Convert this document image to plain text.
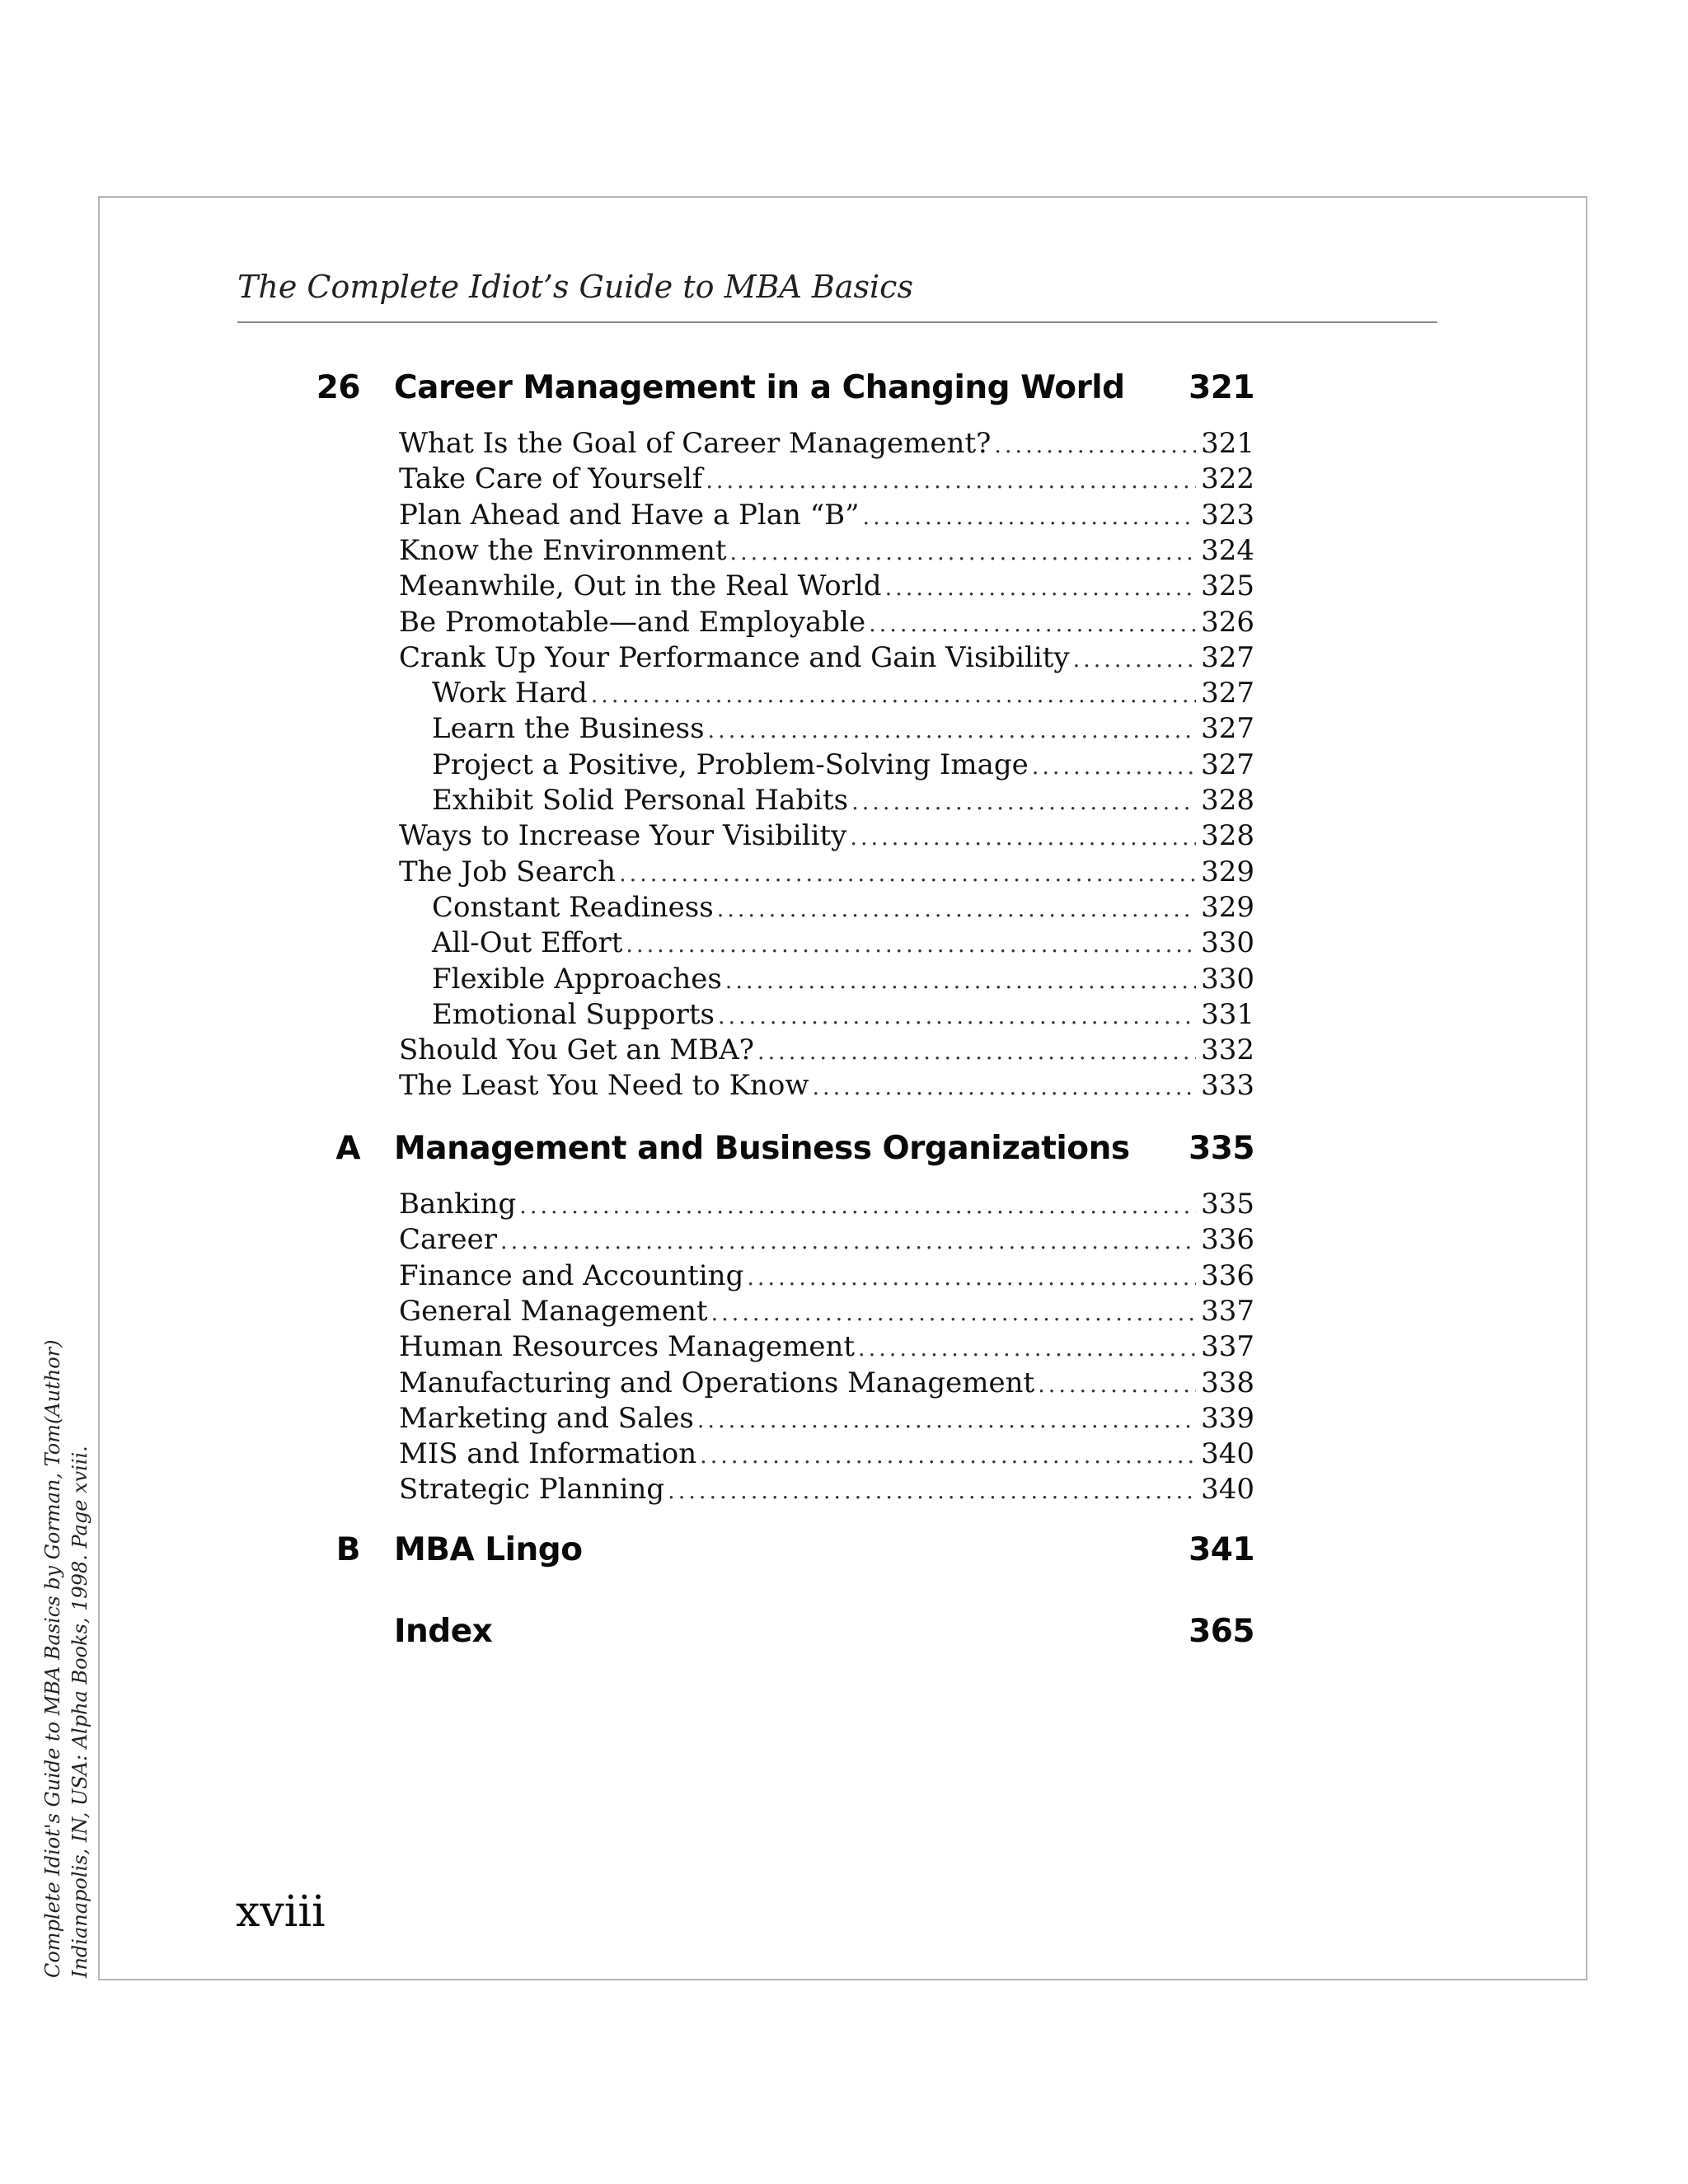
The Complete Idiot’s Guide to MBA Basics
26 Career Management in a Changing World 321
What Is the Goal of Career Management? .....	321
Take Care of Yourself .....	322
Plan Ahead and Have a Plan “B” .....	323
Know the Environment .....	324
Meanwhile, Out in the Real World .....	325
Be Promotable—and Employable .....	326
Crank Up Your Performance and Gain Visibility .....	327
Work Hard .....	327
Learn the Business .....	327
Project a Positive, Problem-Solving Image .....	327
Exhibit Solid Personal Habits .....	328
Ways to Increase Your Visibility .....	328
The Job Search .....	329
Constant Readiness .....	329
All-Out Effort .....	330
Flexible Approaches .....	330
Emotional Supports .....	331
Should You Get an MBA? .....	332
The Least You Need to Know .....	333
A Management and Business Organizations 335
Banking .....	335
Career .....	336
Finance and Accounting .....	336
General Management .....	337
Human Resources Management .....	337
Manufacturing and Operations Management .....	338
Marketing and Sales .....	339
MIS and Information .....	340
Strategic Planning .....	340
B MBA Lingo	341
Index	365
xviii
Complete Idiot's Guide to MBA Basics by Gorman, Tom(Author) Indianapolis, IN, USA: Alpha Books, 1998. Page xviii.
